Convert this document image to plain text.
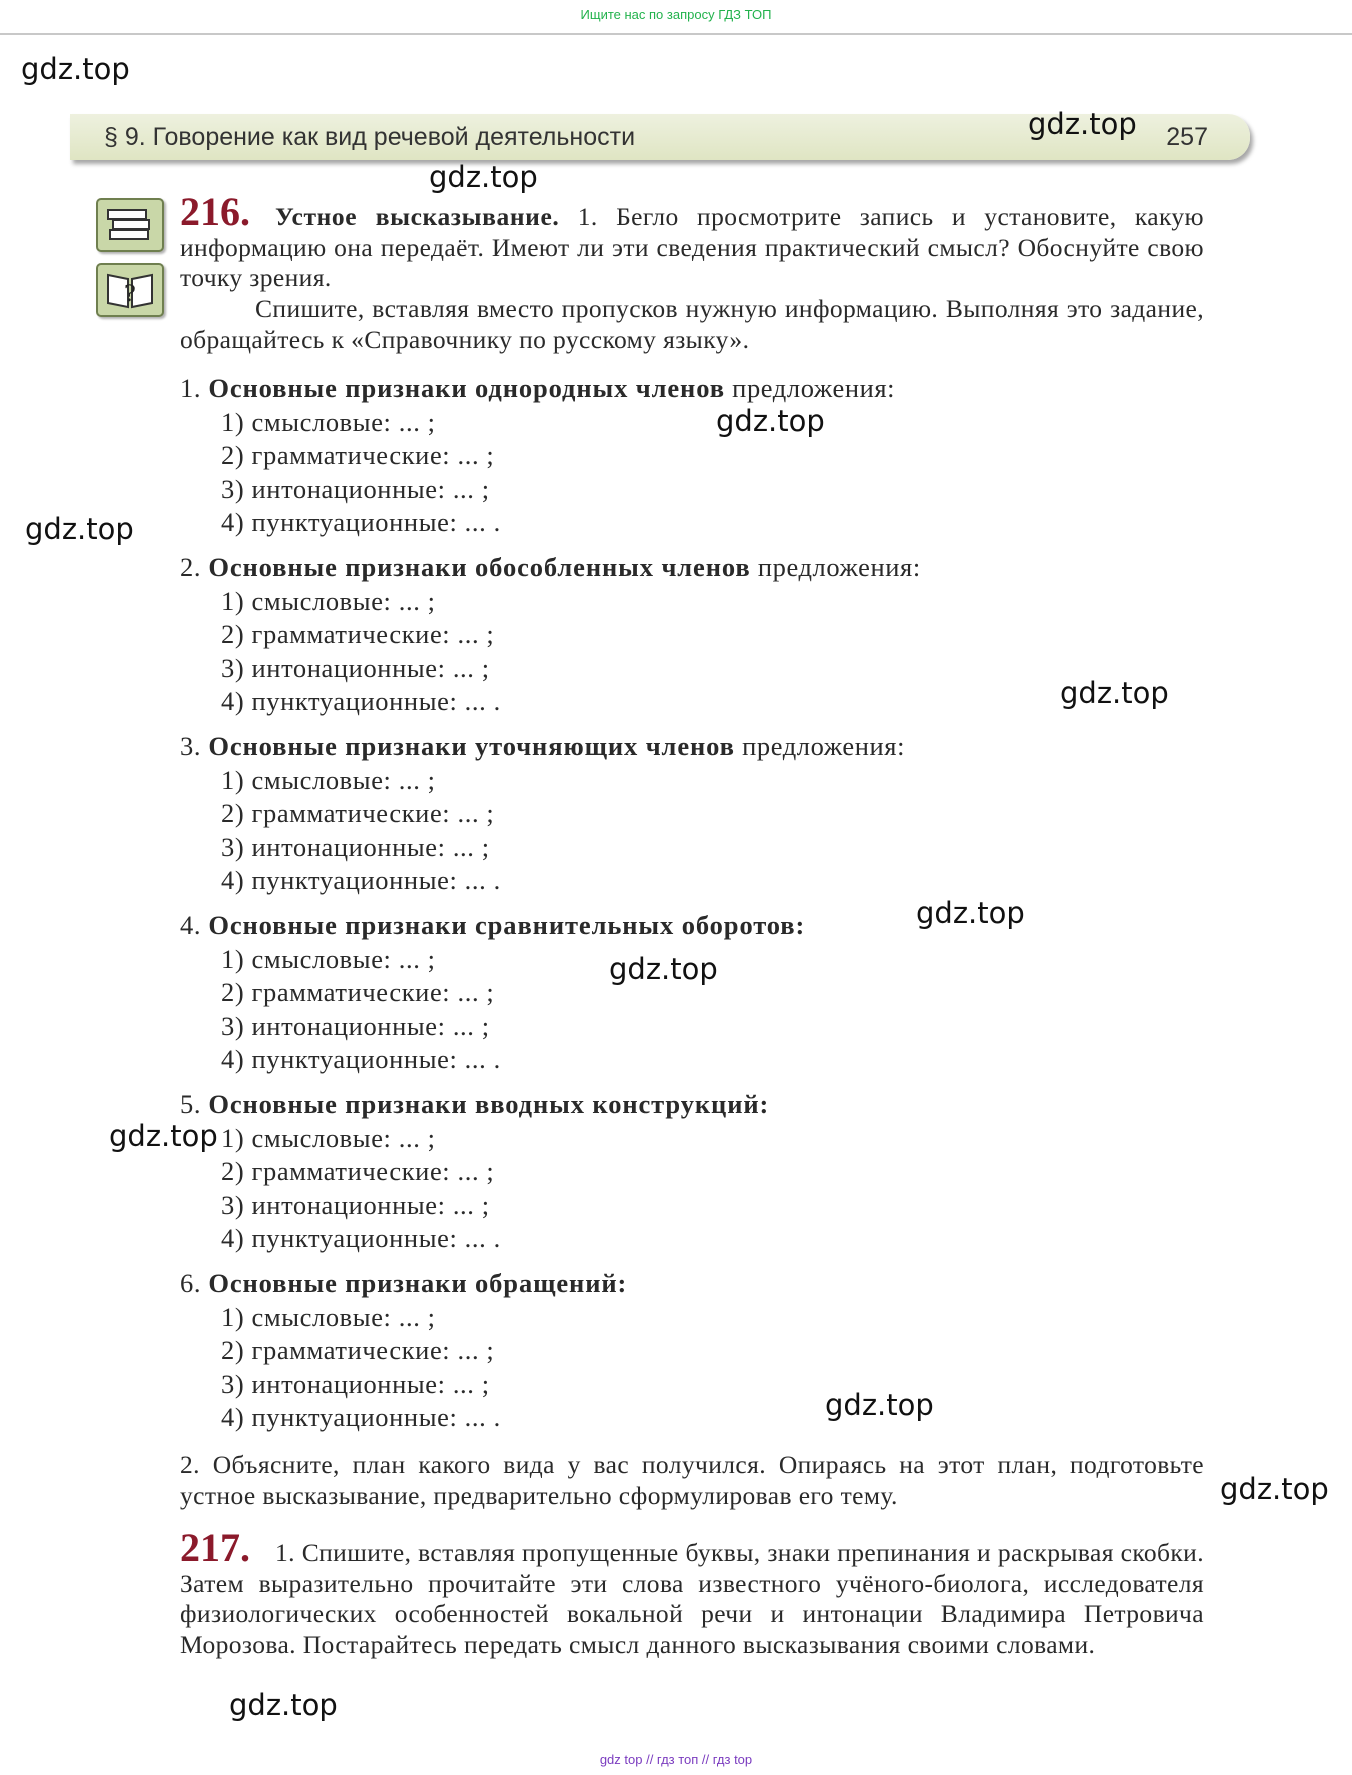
Ищите нас по запросу ГДЗ ТОП
§ 9. Говорение как вид речевой деятельности	257
?
216. Устное высказывание. 1. Бегло просмотрите запись и установите, какую информацию она передаёт. Имеют ли эти сведения практический смысл? Обоснуйте свою точку зрения.
Спишите, вставляя вместо пропусков нужную информацию. Выполняя это задание, обращайтесь к «Справочнику по русскому языку».
1. Основные признаки однородных членов предложения:
1) смысловые: ... ;
2) грамматические: ... ;
3) интонационные: ... ;
4) пунктуационные: ... .
2. Основные признаки обособленных членов предложения:
1) смысловые: ... ;
2) грамматические: ... ;
3) интонационные: ... ;
4) пунктуационные: ... .
3. Основные признаки уточняющих членов предложения:
1) смысловые: ... ;
2) грамматические: ... ;
3) интонационные: ... ;
4) пунктуационные: ... .
4. Основные признаки сравнительных оборотов:
1) смысловые: ... ;
2) грамматические: ... ;
3) интонационные: ... ;
4) пунктуационные: ... .
5. Основные признаки вводных конструкций:
1) смысловые: ... ;
2) грамматические: ... ;
3) интонационные: ... ;
4) пунктуационные: ... .
6. Основные признаки обращений:
1) смысловые: ... ;
2) грамматические: ... ;
3) интонационные: ... ;
4) пунктуационные: ... .
2. Объясните, план какого вида у вас получился. Опираясь на этот план, подготовьте устное высказывание, предварительно сформулировав его тему.
217. 1. Спишите, вставляя пропущенные буквы, знаки препинания и раскрывая скобки. Затем выразительно прочитайте эти слова известного учёного-биолога, исследователя физиологических особенностей вокальной речи и интонации Владимира Петровича Морозова. Постарайтесь передать смысл данного высказывания своими словами.
gdz.top
gdz.top
gdz.top
gdz.top
gdz.top
gdz.top
gdz.top
gdz.top
gdz.top
gdz.top
gdz.top
gdz.top
gdz top // гдз топ // гдз top
